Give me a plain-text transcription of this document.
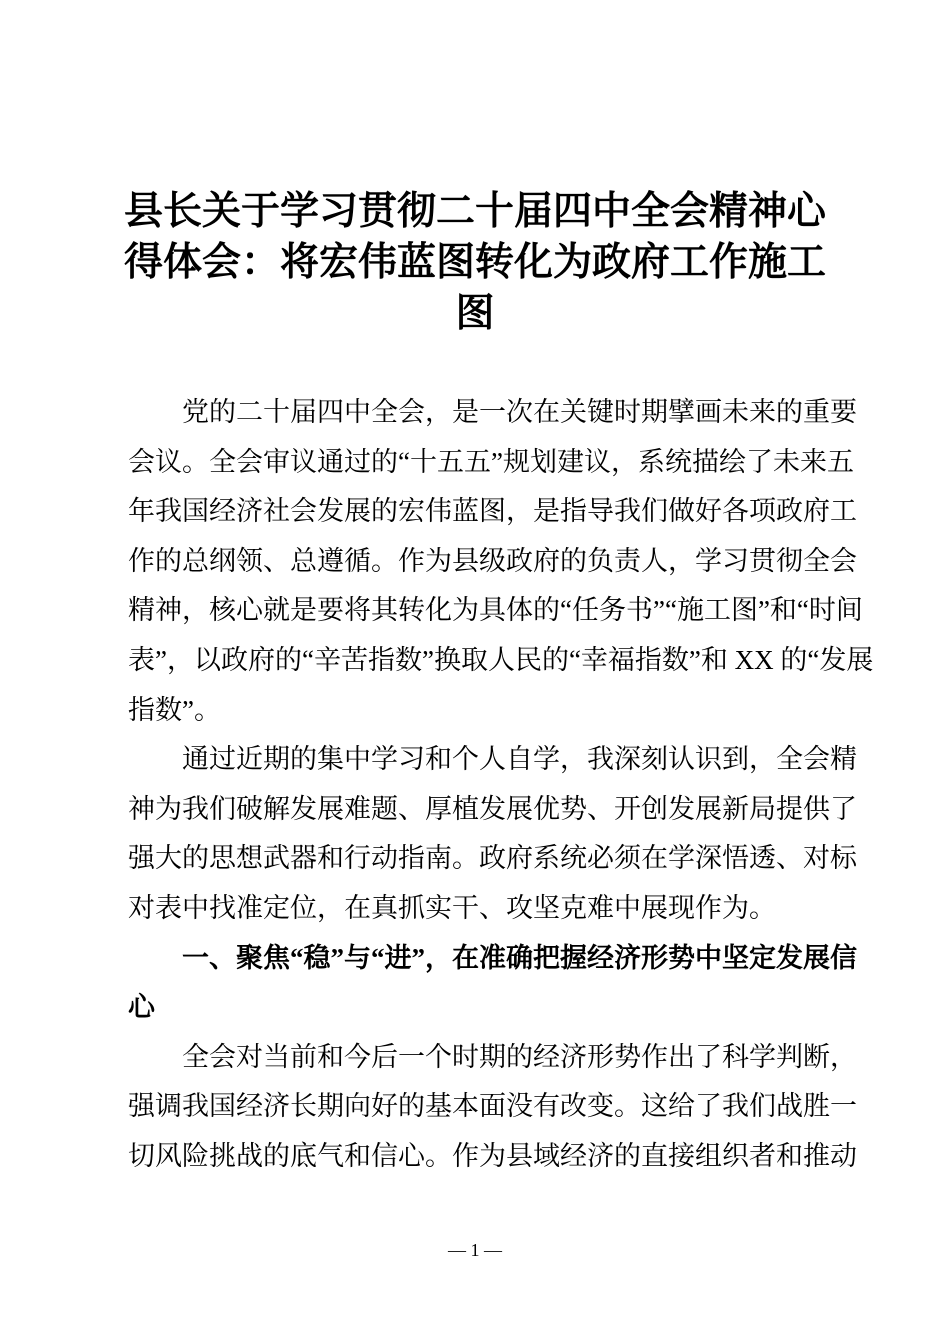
县长关于学习贯彻二十届四中全会精神心
得体会：将宏伟蓝图转化为政府工作施工
图
党的二十届四中全会，是一次在关键时期擘画未来的重要
会议。全会审议通过的“十五五”规划建议，系统描绘了未来五
年我国经济社会发展的宏伟蓝图，是指导我们做好各项政府工
作的总纲领、总遵循。作为县级政府的负责人，学习贯彻全会
精神，核心就是要将其转化为具体的“任务书”“施工图”和“时间
表”，以政府的“辛苦指数”换取人民的“幸福指数”和 XX 的“发展
指数”。
通过近期的集中学习和个人自学，我深刻认识到，全会精
神为我们破解发展难题、厚植发展优势、开创发展新局提供了
强大的思想武器和行动指南。政府系统必须在学深悟透、对标
对表中找准定位，在真抓实干、攻坚克难中展现作为。
一、聚焦“稳”与“进”，在准确把握经济形势中坚定发展信
心
全会对当前和今后一个时期的经济形势作出了科学判断，
强调我国经济长期向好的基本面没有改变。这给了我们战胜一
切风险挑战的底气和信心。作为县域经济的直接组织者和推动
— 1 —
